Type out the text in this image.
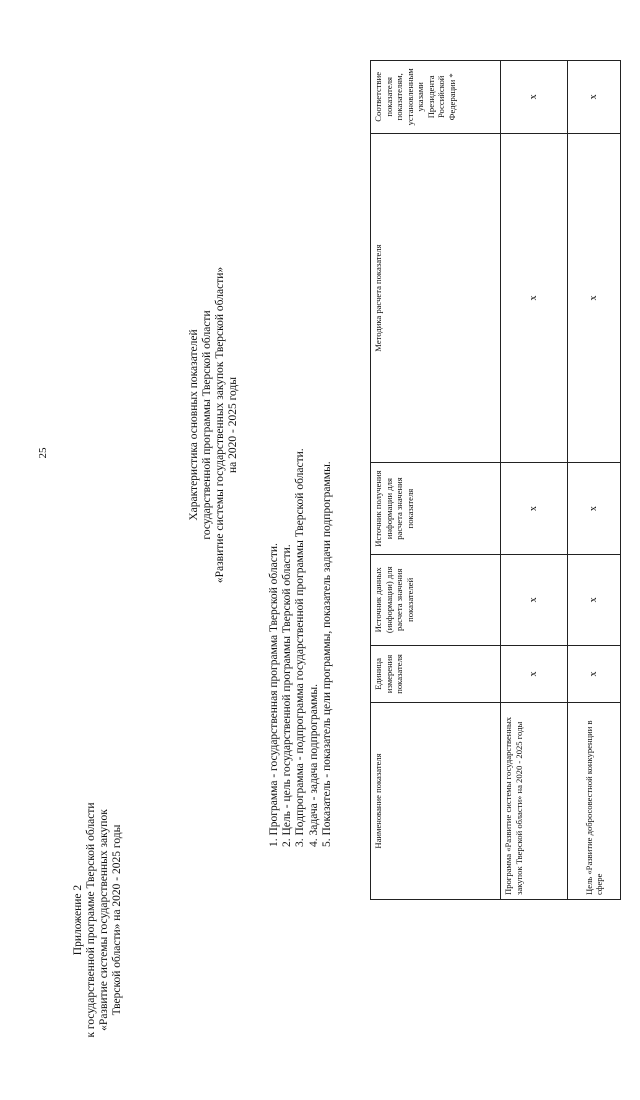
25
Приложение 2 к государственной программе Тверской области «Развитие системы государственных закупок Тверской области» на 2020 - 2025 годы
Характеристика основных показателей государственной программы Тверской области «Развитие системы государственных закупок Тверской области» на 2020 - 2025 годы
1. Программа - государственная программа Тверской области. 2. Цель - цель государственной программы Тверской области. 3. Подпрограмма - подпрограмма государственной программы Тверской области. 4. Задача - задача подпрограммы. 5. Показатель - показатель цели программы, показатель задачи подпрограммы.	Наименование показателя	Единица измерения показателя	Источник данных (информации) для расчета значения показателей	Источник получения информации для расчета значения показателя	Методика расчета показателя	Соответствие показателя показателям, установленным указами Президента Российской Федерации *
Программа «Развитие системы государственных закупок Тверской области» на 2020 - 2025 годы	х	х	х	х	х
Цель «Развитие добросовестной конкуренции в сфере	х	х	х	х	х
